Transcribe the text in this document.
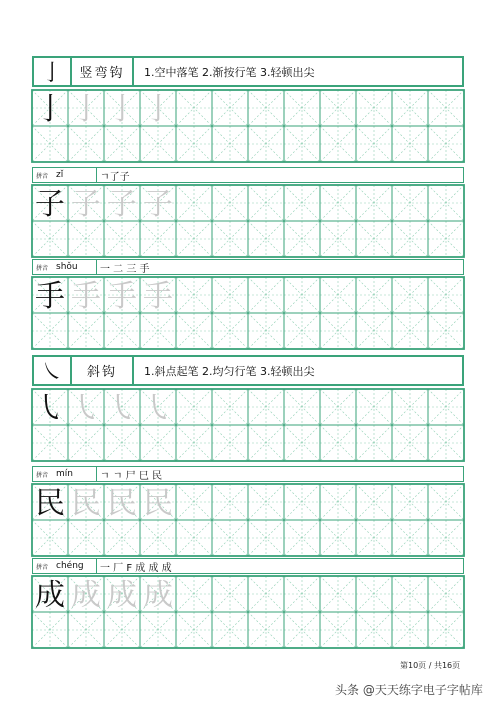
亅	竖弯钩	1.空中落笔 2.渐按行笔 3.轻顿出尖
亅 亅 亅 亅
拼音 zǐ	ㄱ了子
子 子 子 子
拼音 shǒu	一 二 三 手
手 手 手 手
㇏	斜钩	1.斜点起笔 2.均匀行笔 3.轻顿出尖
㇂ ㇂ ㇂ ㇂
拼音 mín	ㄱ ㄱ 尸 巳 民
民 民 民 民
拼音 chéng	一 厂 F 成 成 成
成 成 成 成
第10页 / 共16页
头条 @天天练字电子字帖库
